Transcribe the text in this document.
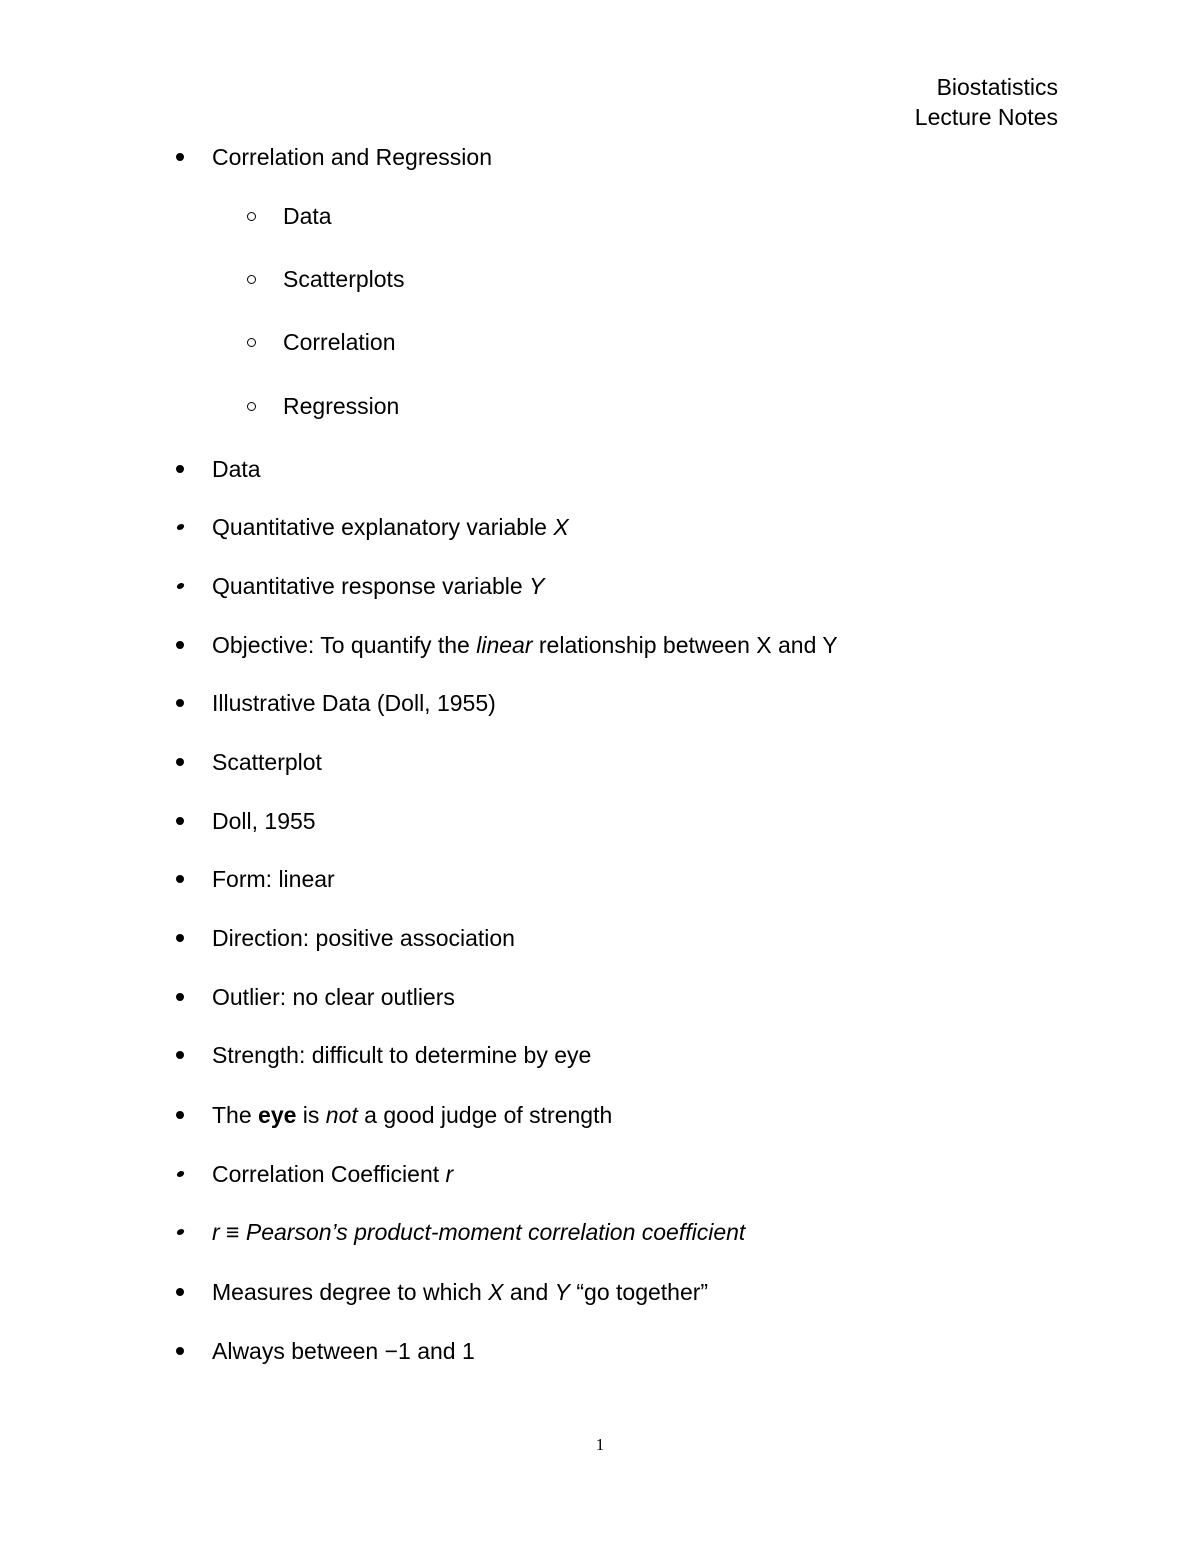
Biostatistics
Lecture Notes
Correlation and Regression
Data
Scatterplots
Correlation
Regression
Data
Quantitative explanatory variable X
Quantitative response variable Y
Objective: To quantify the linear relationship between X and Y
Illustrative Data (Doll, 1955)
Scatterplot
Doll, 1955
Form: linear
Direction: positive association
Outlier: no clear outliers
Strength: difficult to determine by eye
The eye is not a good judge of strength
Correlation Coefficient r
r ≡ Pearson’s product-moment correlation coefficient
Measures degree to which X and Y “go together”
Always between −1 and 1
1
